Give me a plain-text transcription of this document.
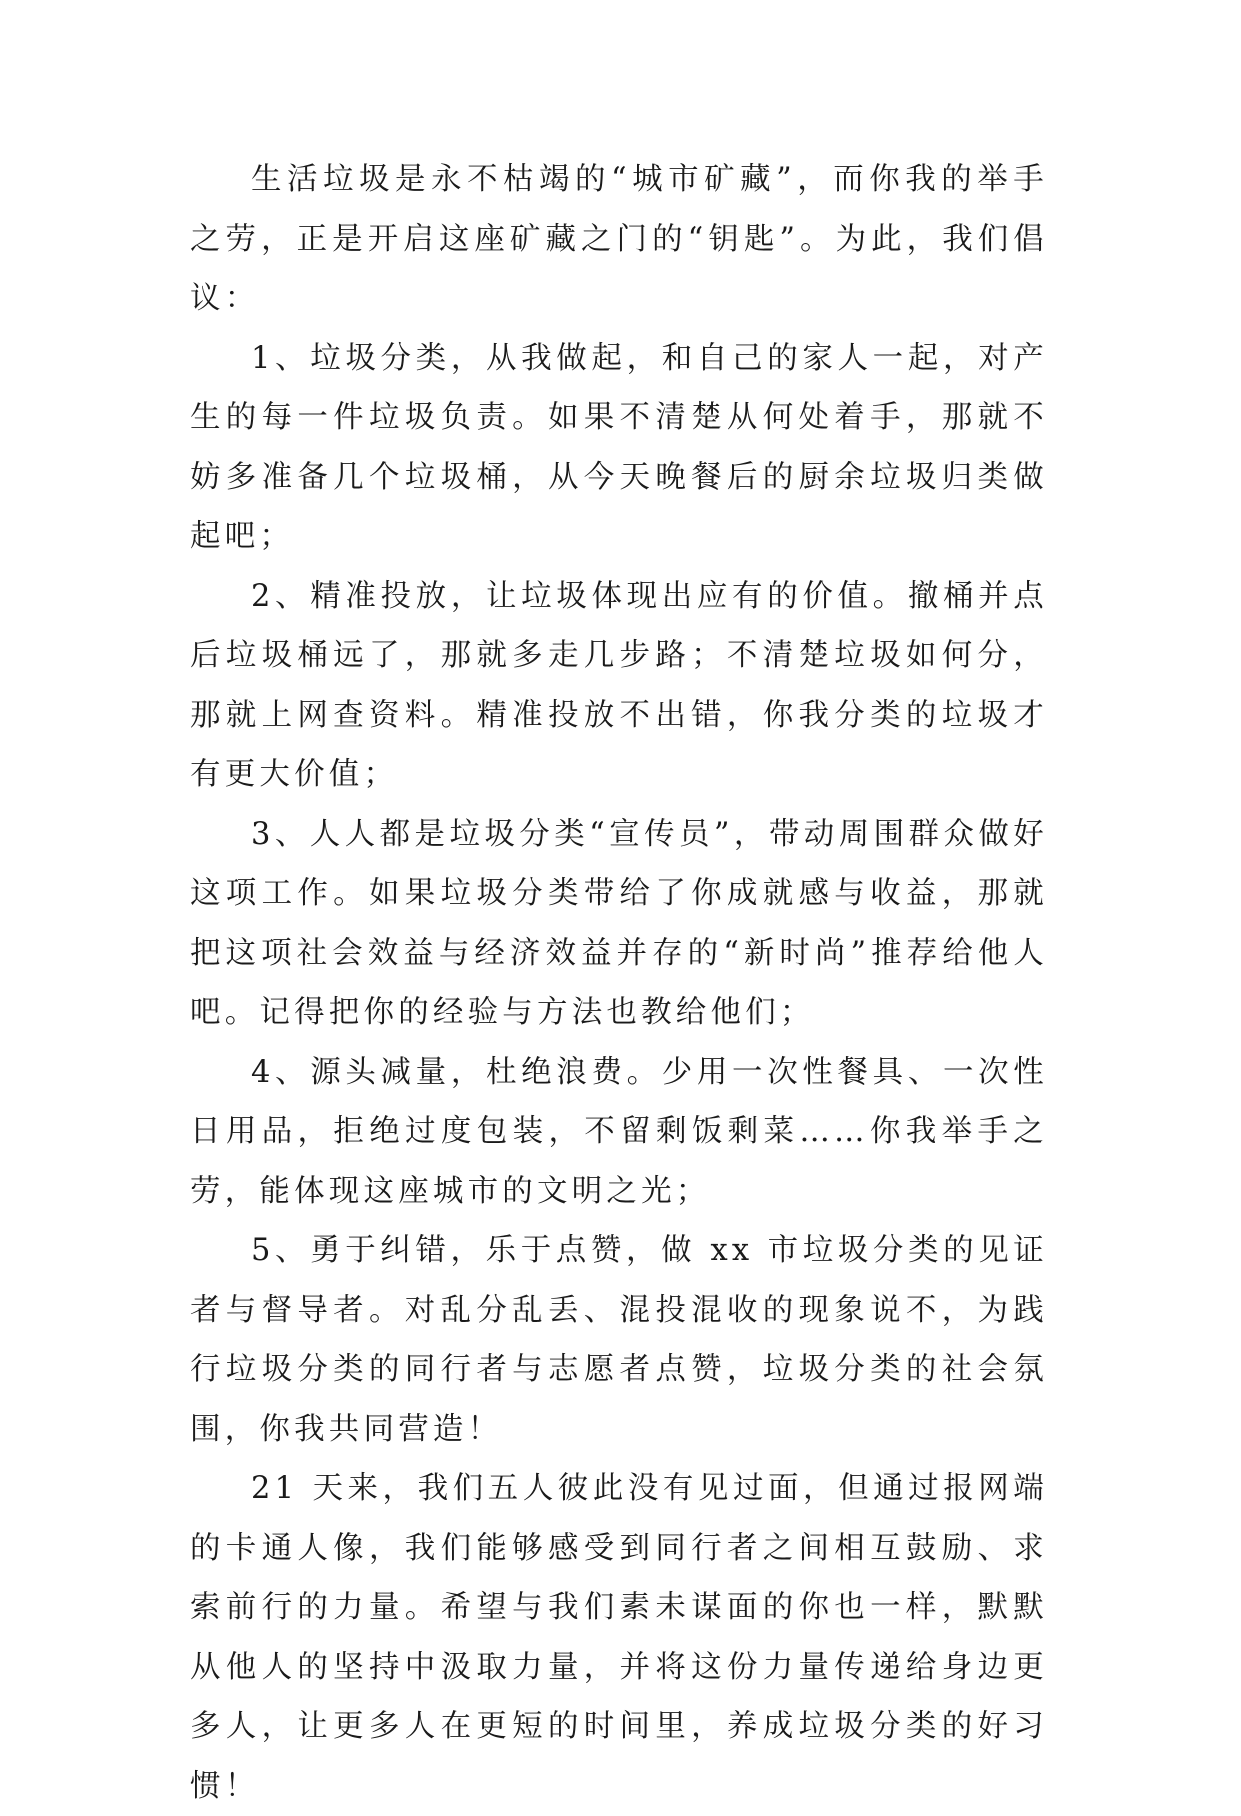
生活垃圾是永不枯竭的“城市矿藏”，而你我的举手之劳，正是开启这座矿藏之门的“钥匙”。为此，我们倡议：

1、垃圾分类，从我做起，和自己的家人一起，对产生的每一件垃圾负责。如果不清楚从何处着手，那就不妨多准备几个垃圾桶，从今天晚餐后的厨余垃圾归类做起吧；

2、精准投放，让垃圾体现出应有的价值。撤桶并点后垃圾桶远了，那就多走几步路；不清楚垃圾如何分，那就上网查资料。精准投放不出错，你我分类的垃圾才有更大价值；

3、人人都是垃圾分类“宣传员”，带动周围群众做好这项工作。如果垃圾分类带给了你成就感与收益，那就把这项社会效益与经济效益并存的“新时尚”推荐给他人吧。记得把你的经验与方法也教给他们；

4、源头减量，杜绝浪费。少用一次性餐具、一次性日用品，拒绝过度包装，不留剩饭剩菜……你我举手之劳，能体现这座城市的文明之光；

5、勇于纠错，乐于点赞，做 xx 市垃圾分类的见证者与督导者。对乱分乱丢、混投混收的现象说不，为践行垃圾分类的同行者与志愿者点赞，垃圾分类的社会氛围，你我共同营造！

21 天来，我们五人彼此没有见过面，但通过报网端的卡通人像，我们能够感受到同行者之间相互鼓励、求索前行的力量。希望与我们素未谋面的你也一样，默默从他人的坚持中汲取力量，并将这份力量传递给身边更多人，让更多人在更短的时间里，养成垃圾分类的好习惯！
